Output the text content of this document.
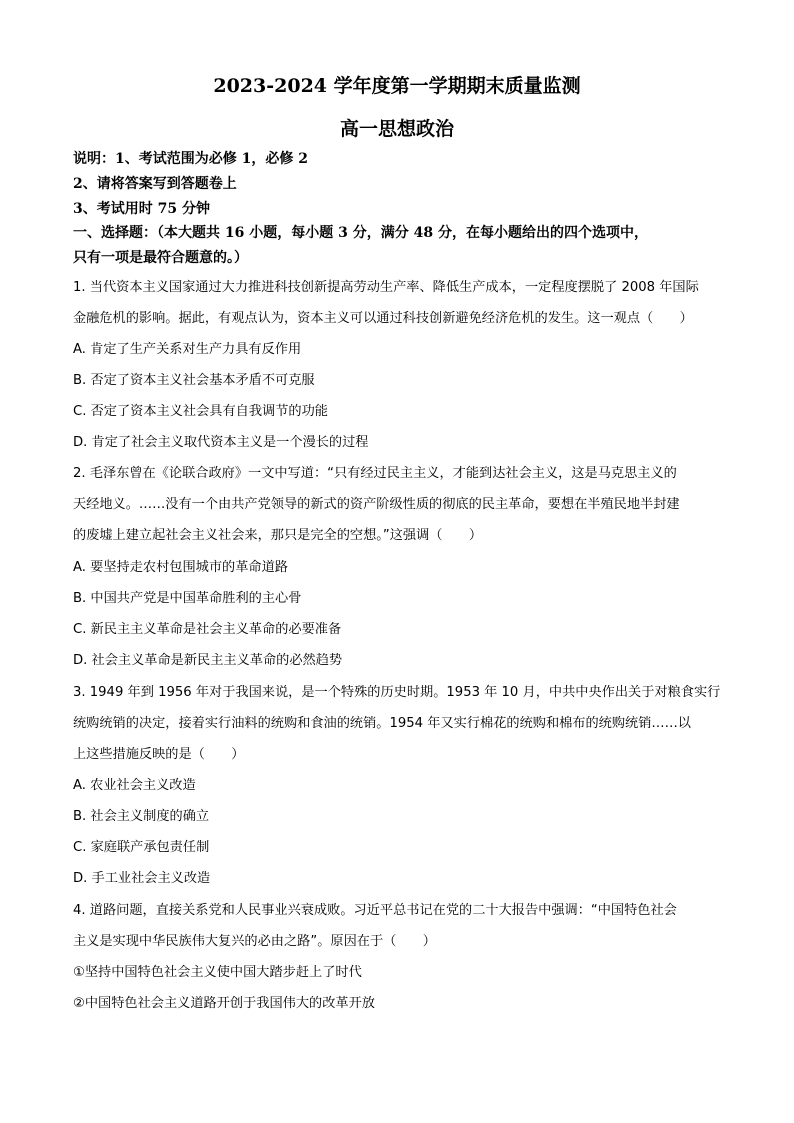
2023-2024 学年度第一学期期末质量监测
高一思想政治
说明：1、考试范围为必修 1，必修 2
2、请将答案写到答题卷上
3、考试用时 75 分钟
一、选择题：（本大题共 16 小题，每小题 3 分，满分 48 分，在每小题给出的四个选项中，
只有一项是最符合题意的。）
1. 当代资本主义国家通过大力推进科技创新提高劳动生产率、降低生产成本，一定程度摆脱了 2008 年国际
金融危机的影响。据此，有观点认为，资本主义可以通过科技创新避免经济危机的发生。这一观点（　　）
A. 肯定了生产关系对生产力具有反作用
B. 否定了资本主义社会基本矛盾不可克服
C. 否定了资本主义社会具有自我调节的功能
D. 肯定了社会主义取代资本主义是一个漫长的过程
2. 毛泽东曾在《论联合政府》一文中写道：“只有经过民主主义，才能到达社会主义，这是马克思主义的
天经地义。……没有一个由共产党领导的新式的资产阶级性质的彻底的民主革命，要想在半殖民地半封建
的废墟上建立起社会主义社会来，那只是完全的空想。”这强调（　　）
A. 要坚持走农村包围城市的革命道路
B. 中国共产党是中国革命胜利的主心骨
C. 新民主主义革命是社会主义革命的必要准备
D. 社会主义革命是新民主主义革命的必然趋势
3. 1949 年到 1956 年对于我国来说，是一个特殊的历史时期。1953 年 10 月，中共中央作出关于对粮食实行
统购统销的决定，接着实行油料的统购和食油的统销。1954 年又实行棉花的统购和棉布的统购统销……以
上这些措施反映的是（　　）
A. 农业社会主义改造
B. 社会主义制度的确立
C. 家庭联产承包责任制
D. 手工业社会主义改造
4. 道路问题，直接关系党和人民事业兴衰成败。习近平总书记在党的二十大报告中强调：“中国特色社会
主义是实现中华民族伟大复兴的必由之路”。原因在于（　　）
①坚持中国特色社会主义使中国大踏步赶上了时代
②中国特色社会主义道路开创于我国伟大的改革开放
